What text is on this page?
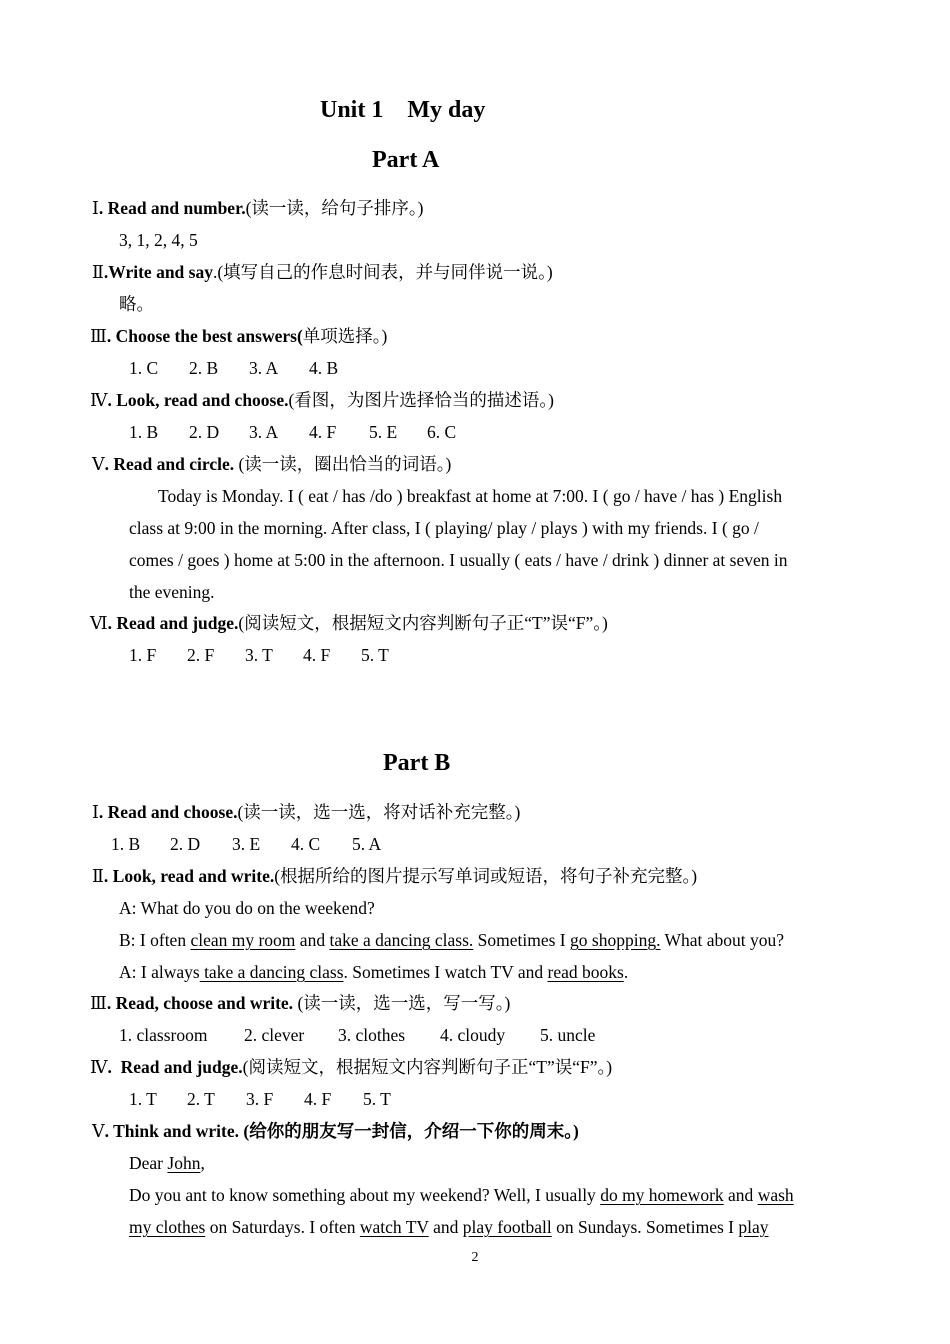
Unit 1    My day
Part A
Ⅰ. Read and number.(读一读，给句子排序。)
3, 1, 2, 4, 5
Ⅱ.Write and say.(填写自己的作息时间表，并与同伴说一说。)
略。
Ⅲ. Choose the best answers(单项选择。)
1. C 2. B 3. A 4. B
Ⅳ. Look, read and choose.(看图，为图片选择恰当的描述语。)
1. B 2. D 3. A 4. F 5. E 6. C
Ⅴ. Read and circle. (读一读，圈出恰当的词语。)
Today is Monday. I ( eat / has /do ) breakfast at home at 7:00. I ( go / have / has ) English
class at 9:00 in the morning. After class, I ( playing/ play / plays ) with my friends. I ( go /
comes / goes ) home at 5:00 in the afternoon. I usually ( eats / have / drink ) dinner at seven in
the evening.
Ⅵ. Read and judge.(阅读短文，根据短文内容判断句子正“T”误“F”。)
1. F 2. F 3. T 4. F 5. T
Part B
Ⅰ. Read and choose.(读一读，选一选，将对话补充完整。)
1. B 2. D 3. E 4. C 5. A
Ⅱ. Look, read and write.(根据所给的图片提示写单词或短语，将句子补充完整。)
A: What do you do on the weekend?
B: I often clean my room and take a dancing class. Sometimes I go shopping. What about you?
A: I always take a dancing class. Sometimes I watch TV and read books.
Ⅲ. Read, choose and write. (读一读，选一选，写一写。)
1. classroom 2. clever 3. clothes 4. cloudy 5. uncle
Ⅳ.  Read and judge.(阅读短文，根据短文内容判断句子正“T”误“F”。)
1. T 2. T 3. F 4. F 5. T
Ⅴ. Think and write. (给你的朋友写一封信，介绍一下你的周末。)
Dear John,
Do you ant to know something about my weekend? Well, I usually do my homework and wash
my clothes on Saturdays. I often watch TV and play football on Sundays. Sometimes I play
2
